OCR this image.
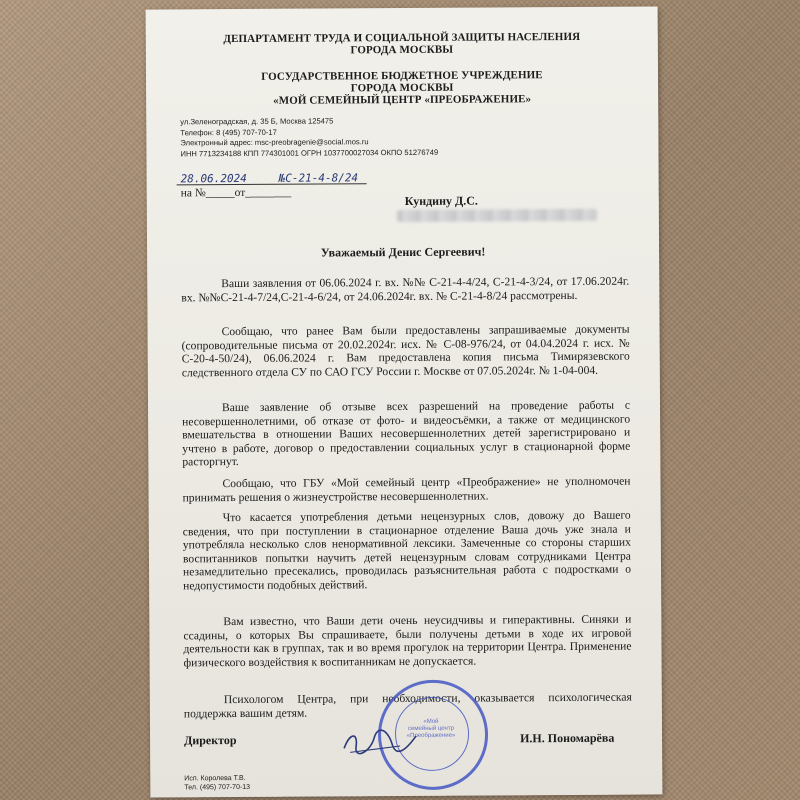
ДЕПАРТАМЕНТ ТРУДА И СОЦИАЛЬНОЙ ЗАЩИТЫ НАСЕЛЕНИЯ
ГОРОДА МОСКВЫ
ГОСУДАРСТВЕННОЕ БЮДЖЕТНОЕ УЧРЕЖДЕНИЕ
ГОРОДА МОСКВЫ
«МОЙ СЕМЕЙНЫЙ ЦЕНТР «ПРЕОБРАЖЕНИЕ»
ул.Зеленоградская, д. 35 Б, Москва 125475
Телефон: 8 (495) 707-70-17
Электронный адрес: msc-preobragenie@social.mos.ru
ИНН 7713234188 КПП 774301001 ОГРН 1037700027034 ОКПО 51276749
28.06.2024	№С-21-4-8/24
на №_____от________
Кундину Д.С.
Уважаемый Денис Сергеевич!
Ваши заявления от 06.06.2024 г. вх. №№ С-21-4-4/24, С-21-4-3/24, от 17.06.2024г. вх. №№С-21-4-7/24,С-21-4-6/24, от 24.06.2024г. вх. № С-21-4-8/24 рассмотрены.
Сообщаю, что ранее Вам были предоставлены запрашиваемые документы (сопроводительные письма от 20.02.2024г. исх. № С-08-976/24, от 04.04.2024 г. исх. № С-20-4-50/24), 06.06.2024 г. Вам предоставлена копия письма Тимирязевского следственного отдела СУ по САО ГСУ России г. Москве от 07.05.2024г. № 1-04-004.
Ваше заявление об отзыве всех разрешений на проведение работы с несовершеннолетними, об отказе от фото- и видеосъёмки, а также от медицинского вмешательства в отношении Ваших несовершеннолетних детей зарегистрировано и учтено в работе, договор о предоставлении социальных услуг в стационарной форме расторгнут.
Сообщаю, что ГБУ «Мой семейный центр «Преображение» не уполномочен принимать решения о жизнеустройстве несовершеннолетних.
Что касается употребления детьми нецензурных слов, довожу до Вашего сведения, что при поступлении в стационарное отделение Ваша дочь уже знала и употребляла несколько слов ненормативной лексики. Замеченные со стороны старших воспитанников попытки научить детей нецензурным словам сотрудниками Центра незамедлительно пресекались, проводилась разъяснительная работа с подростками о недопустимости подобных действий.
Вам известно, что Ваши дети очень неусидчивы и гиперактивны. Синяки и ссадины, о которых Вы спрашиваете, были получены детьми в ходе их игровой деятельности как в группах, так и во время прогулок на территории Центра. Применение физического воздействия к воспитанникам не допускается.
Психологом Центра, при необходимости, оказывается психологическая поддержка вашим детям.
«Мой
семейный центр
«Преображение»
Директор	И.Н. Пономарёва
Исп. Королева Т.В.
Тел. (495) 707-70-13
